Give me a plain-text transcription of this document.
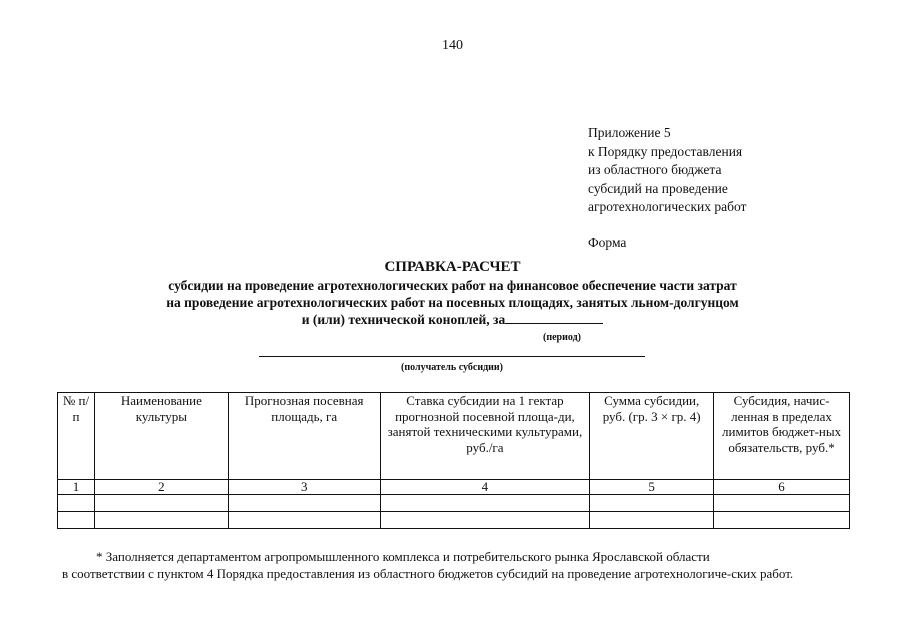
140
Приложение 5
к Порядку предоставления
из областного бюджета
субсидий на проведение
агротехнологических работ
Форма
СПРАВКА-РАСЧЕТ
субсидии на проведение агротехнологических работ на финансовое обеспечение части затрат
на проведение агротехнологических работ на посевных площадях, занятых льном-долгунцом
и (или) технической коноплей, за
(период)
(получатель субсидии)
№ п/п	Наименование культуры	Прогнозная посевная площадь, га	Ставка субсидии на 1 гектар прогнозной посевной площа-ди, занятой техническими культурами, руб./га	Сумма субсидии, руб. (гр. 3 × гр. 4)	Субсидия, начис-ленная в пределах лимитов бюджет-ных обязательств, руб.*
1	2	3	4	5	6

* Заполняется департаментом агропромышленного комплекса и потребительского рынка Ярославской области
в соответствии с пунктом 4 Порядка предоставления из областного бюджетов субсидий на проведение агротехнологиче-ских работ.
